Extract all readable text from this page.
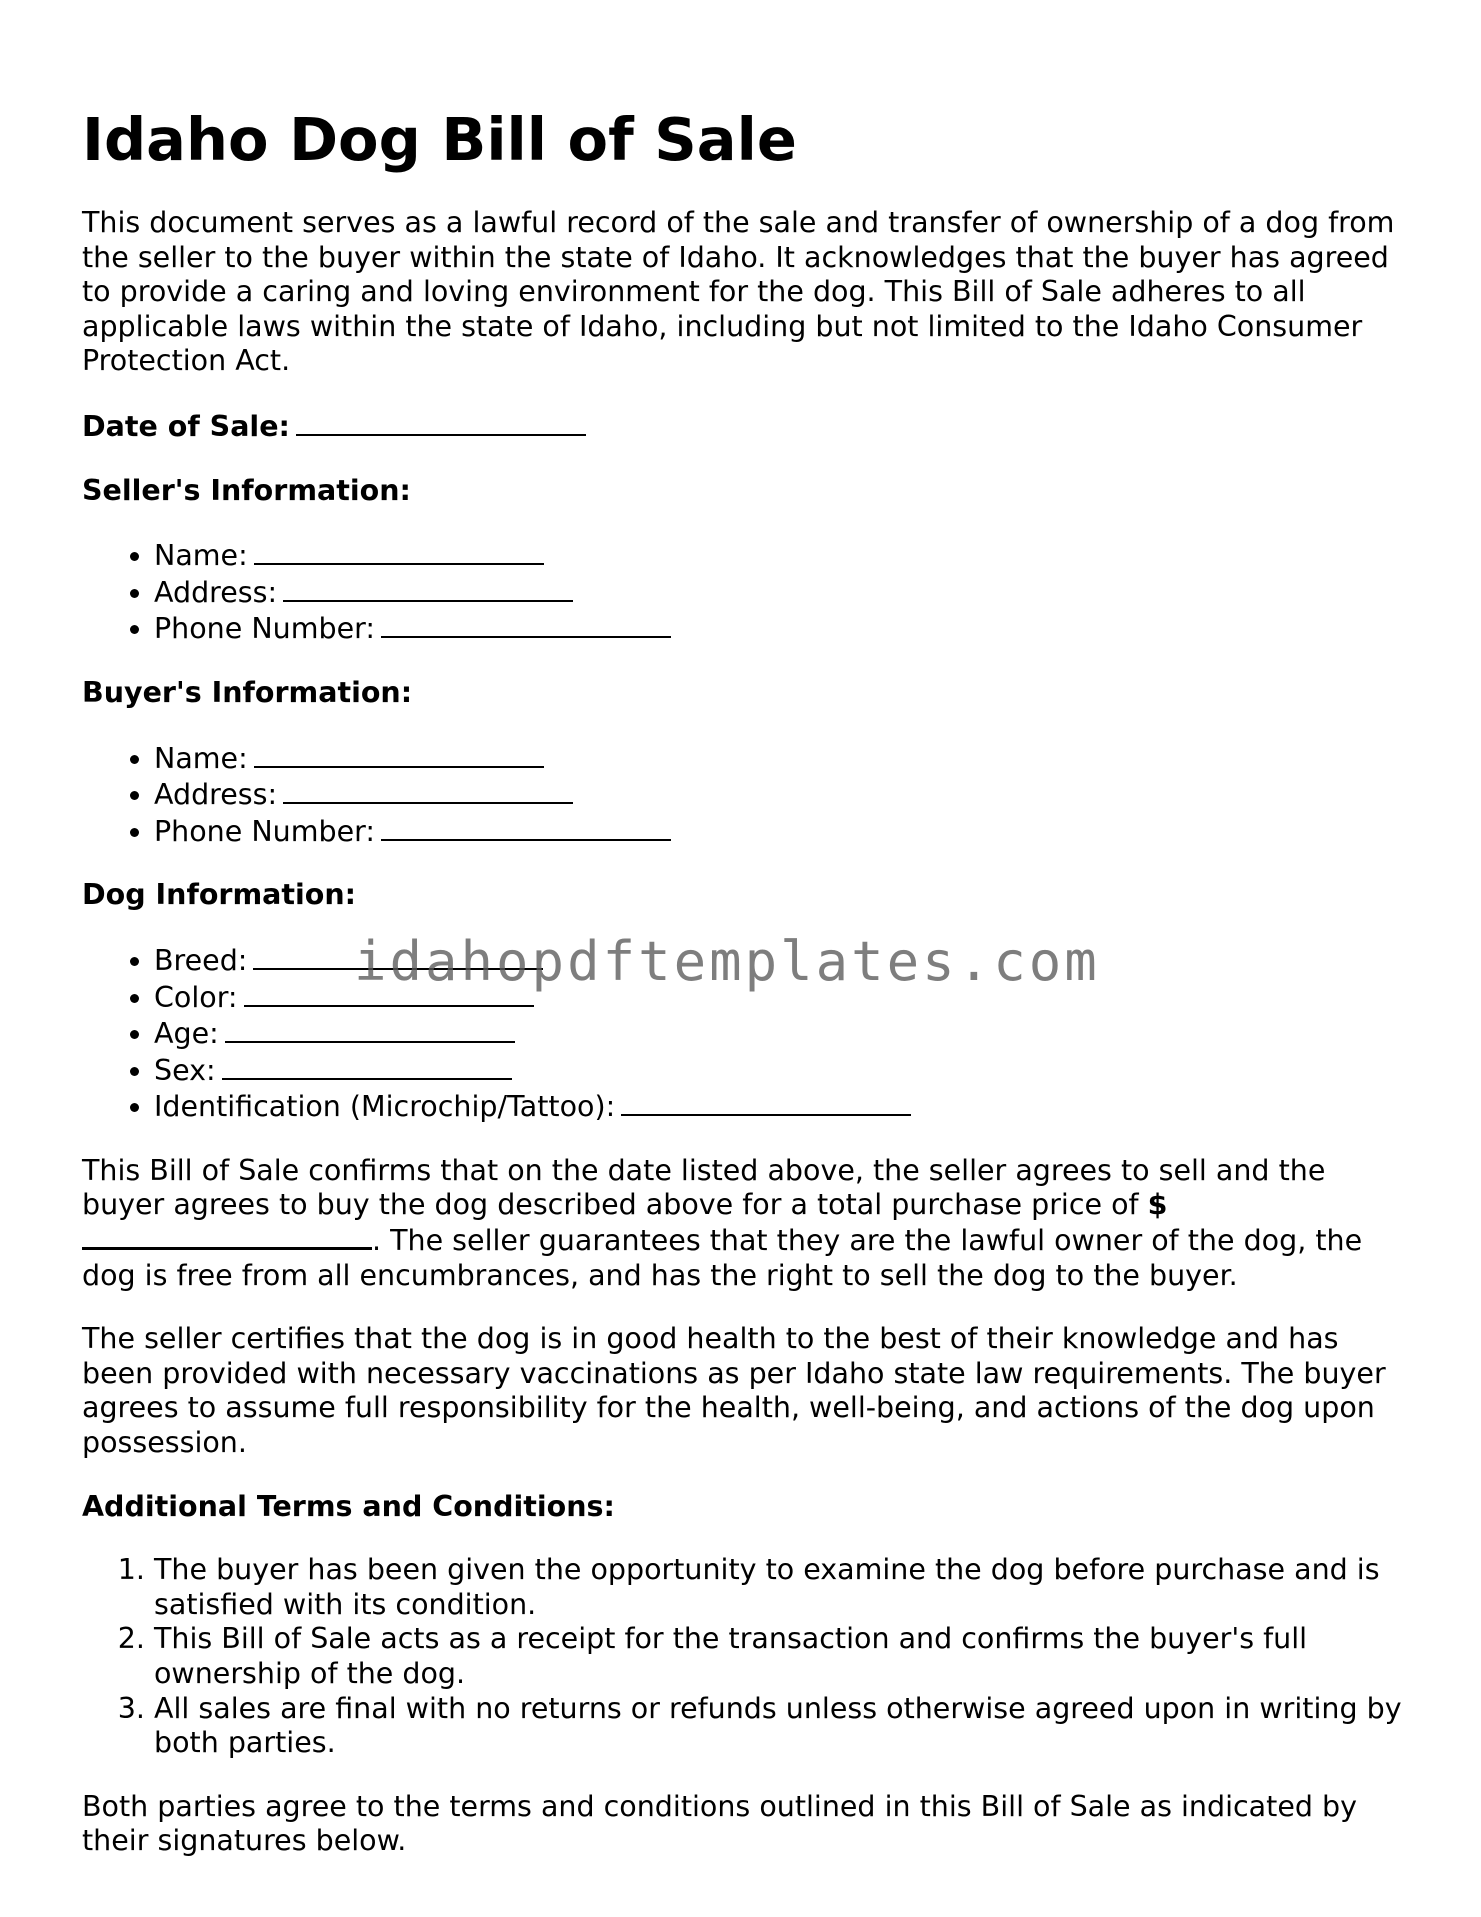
Idaho Dog Bill of Sale

This document serves as a lawful record of the sale and transfer of ownership of a dog from the seller to the buyer within the state of Idaho. It acknowledges that the buyer has agreed to provide a caring and loving environment for the dog. This Bill of Sale adheres to all applicable laws within the state of Idaho, including but not limited to the Idaho Consumer Protection Act.

Date of Sale:
Seller's Information:
• Name:
• Address:
• Phone Number:
Buyer's Information:
• Name:
• Address:
• Phone Number:
Dog Information:
• Breed:
• Color:
• Age:
• Sex:
• Identification (Microchip/Tattoo):

This Bill of Sale confirms that on the date listed above, the seller agrees to sell and the buyer agrees to buy the dog described above for a total purchase price of $. The seller guarantees that they are the lawful owner of the dog, the dog is free from all encumbrances, and has the right to sell the dog to the buyer.

The seller certifies that the dog is in good health to the best of their knowledge and has been provided with necessary vaccinations as per Idaho state law requirements. The buyer agrees to assume full responsibility for the health, well-being, and actions of the dog upon possession.

Additional Terms and Conditions:
1. The buyer has been given the opportunity to examine the dog before purchase and is satisfied with its condition.
2. This Bill of Sale acts as a receipt for the transaction and confirms the buyer's full ownership of the dog.
3. All sales are final with no returns or refunds unless otherwise agreed upon in writing by both parties.

Both parties agree to the terms and conditions outlined in this Bill of Sale as indicated by their signatures below.

idahopdftemplates.com
